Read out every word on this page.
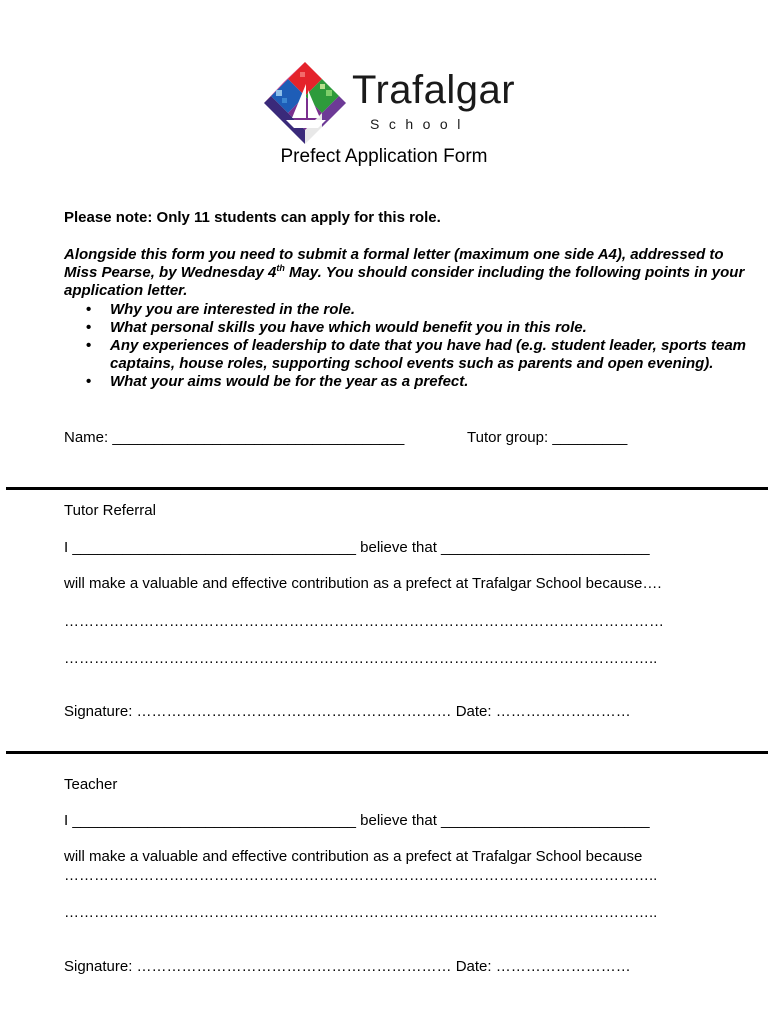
Trafalgar
School
Prefect Application Form
Please note: Only 11 students can apply for this role.
Alongside this form you need to submit a formal letter (maximum one side A4), addressed to Miss Pearse, by Wednesday 4th May. You should consider including the following points in your application letter.
• Why you are interested in the role.
• What personal skills you have which would benefit you in this role.
• Any experiences of leadership to date that you have had (e.g. student leader, sports team captains, house roles, supporting school events such as parents and open evening).
• What your aims would be for the year as a prefect.
Name: ___________________________________	Tutor group: _________
Tutor Referral
I __________________________________ believe that _________________________
will make a valuable and effective contribution as a prefect at Trafalgar School because….
…………………………………………………………………………………………………………
………………………………………………………………………………………………………..
Signature: ……………………………………………………… Date: ………………………
Teacher
I __________________________________ believe that _________________________
will make a valuable and effective contribution as a prefect at Trafalgar School because
………………………………………………………………………………………………………..
………………………………………………………………………………………………………..
Signature: ……………………………………………………… Date: ………………………
